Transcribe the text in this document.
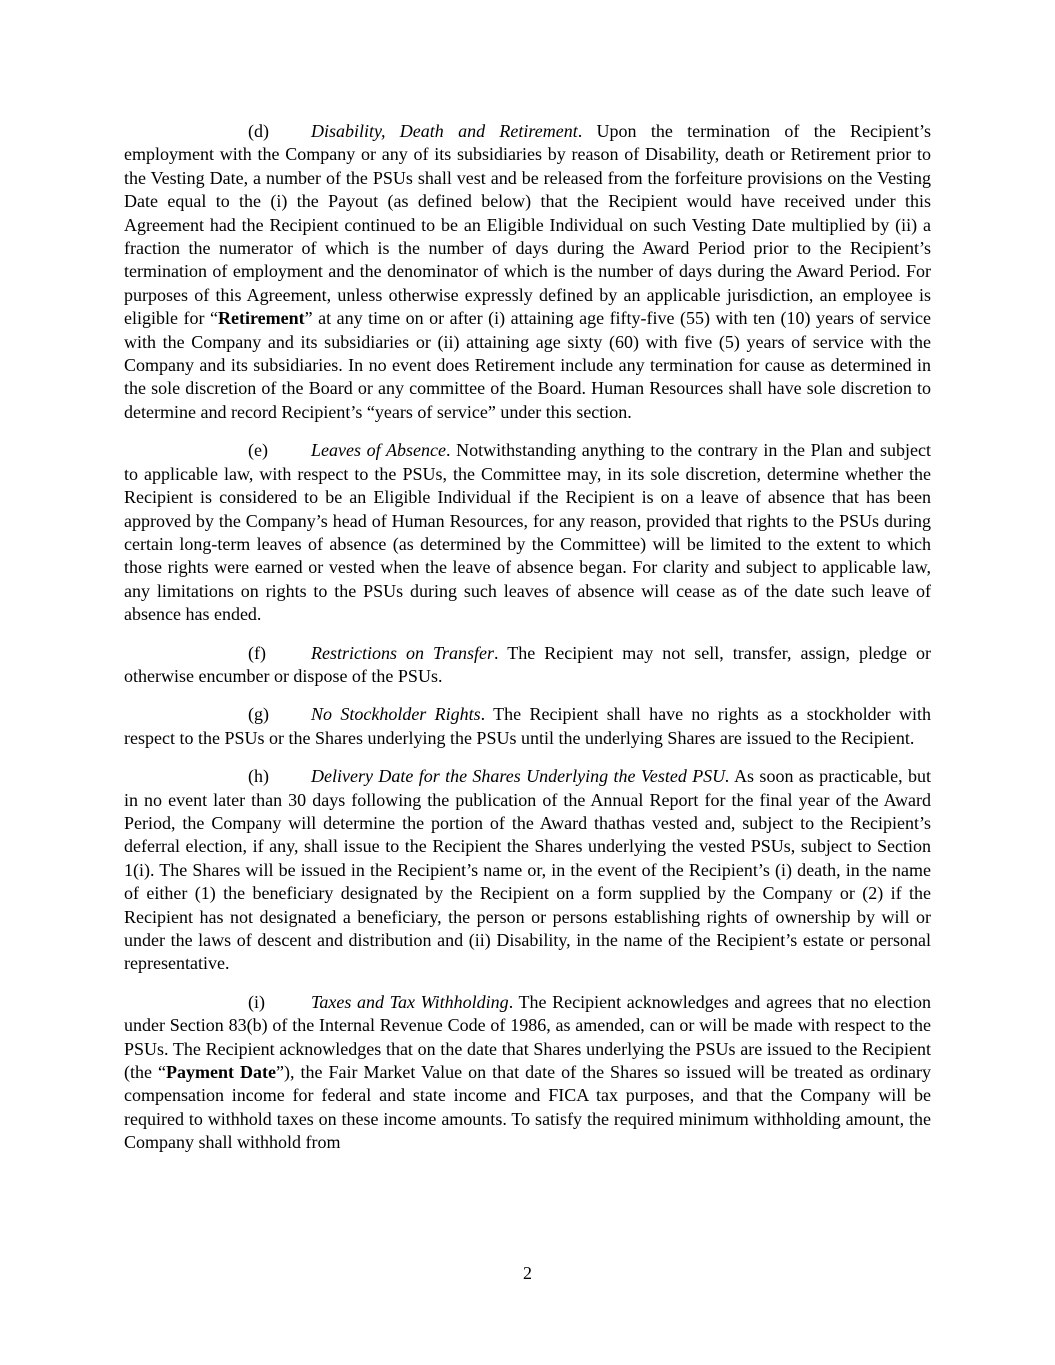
(d) Disability, Death and Retirement. Upon the termination of the Recipient’s employment with the Company or any of its subsidiaries by reason of Disability, death or Retirement prior to the Vesting Date, a number of the PSUs shall vest and be released from the forfeiture provisions on the Vesting Date equal to the (i) the Payout (as defined below) that the Recipient would have received under this Agreement had the Recipient continued to be an Eligible Individual on such Vesting Date multiplied by (ii) a fraction the numerator of which is the number of days during the Award Period prior to the Recipient’s termination of employment and the denominator of which is the number of days during the Award Period. For purposes of this Agreement, unless otherwise expressly defined by an applicable jurisdiction, an employee is eligible for “Retirement” at any time on or after (i) attaining age fifty-five (55) with ten (10) years of service with the Company and its subsidiaries or (ii) attaining age sixty (60) with five (5) years of service with the Company and its subsidiaries. In no event does Retirement include any termination for cause as determined in the sole discretion of the Board or any committee of the Board. Human Resources shall have sole discretion to determine and record Recipient’s “years of service” under this section.

(e) Leaves of Absence. Notwithstanding anything to the contrary in the Plan and subject to applicable law, with respect to the PSUs, the Committee may, in its sole discretion, determine whether the Recipient is considered to be an Eligible Individual if the Recipient is on a leave of absence that has been approved by the Company’s head of Human Resources, for any reason, provided that rights to the PSUs during certain long-term leaves of absence (as determined by the Committee) will be limited to the extent to which those rights were earned or vested when the leave of absence began. For clarity and subject to applicable law, any limitations on rights to the PSUs during such leaves of absence will cease as of the date such leave of absence has ended.

(f)	Restrictions on Transfer. The Recipient may not sell, transfer, assign, pledge or otherwise encumber or dispose of the PSUs.

(g) No Stockholder Rights. The Recipient shall have no rights as a stockholder with respect to the PSUs or the Shares underlying the PSUs until the underlying Shares are issued to the Recipient.

(h) Delivery Date for the Shares Underlying the Vested PSU. As soon as practicable, but in no event later than 30 days following the publication of the Annual Report for the final year of the Award Period, the Company will determine the portion of the Award thathas vested and, subject to the Recipient’s deferral election, if any, shall issue to the Recipient the Shares underlying the vested PSUs, subject to Section 1(i). The Shares will be issued in the Recipient’s name or, in the event of the Recipient’s (i) death, in the name of either (1) the beneficiary designated by the Recipient on a form supplied by the Company or (2) if the Recipient has not designated a beneficiary, the person or persons establishing rights of ownership by will or under the laws of descent and distribution and (ii) Disability, in the name of the Recipient’s estate or personal representative.

(i)	Taxes and Tax Withholding. The Recipient acknowledges and agrees that no election under Section 83(b) of the Internal Revenue Code of 1986, as amended, can or will be made with respect to the PSUs. The Recipient acknowledges that on the date that Shares underlying the PSUs are issued to the Recipient (the “Payment Date”), the Fair Market Value on that date of the Shares so issued will be treated as ordinary compensation income for federal and state income and FICA tax purposes, and that the Company will be required to withhold taxes on these income amounts. To satisfy the required minimum withholding amount, the Company shall withhold from

2
